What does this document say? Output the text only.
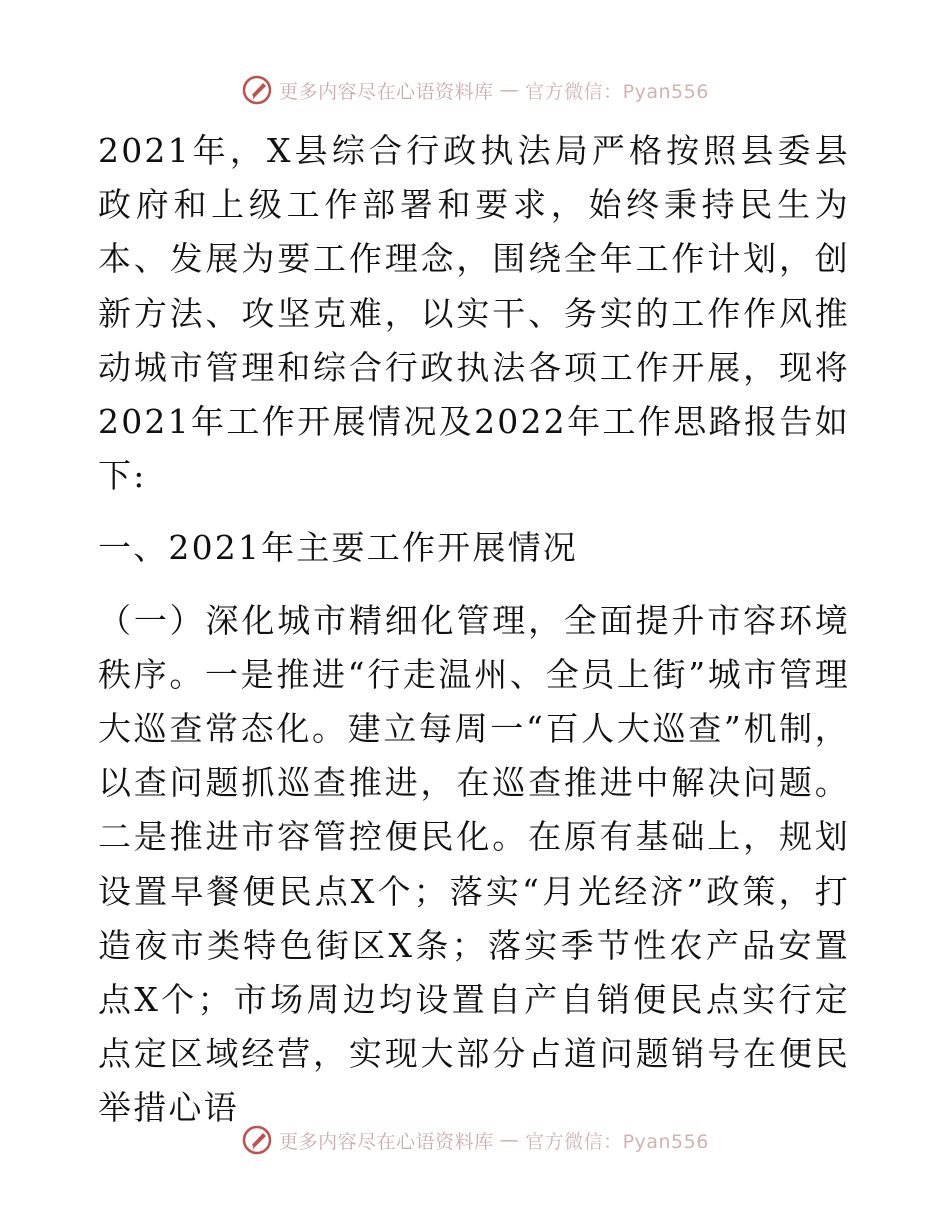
更多内容尽在心语资料库 — 官方微信：Pyan556

2021年，X县综合行政执法局严格按照县委县政府和上级工作部署和要求，始终秉持民生为本、发展为要工作理念，围绕全年工作计划，创新方法、攻坚克难，以实干、务实的工作作风推动城市管理和综合行政执法各项工作开展，现将2021年工作开展情况及2022年工作思路报告如下:

一、2021年主要工作开展情况

（一）深化城市精细化管理，全面提升市容环境秩序。一是推进“行走温州、全员上街”城市管理大巡查常态化。建立每周一“百人大巡查”机制，以查问题抓巡查推进，在巡查推进中解决问题。二是推进市容管控便民化。在原有基础上，规划设置早餐便民点X个；落实“月光经济”政策，打造夜市类特色街区X条；落实季节性农产品安置点X个；市场周边均设置自产自销便民点实行定点定区域经营，实现大部分占道问题销号在便民举措心语

更多内容尽在心语资料库 — 官方微信：Pyan556
